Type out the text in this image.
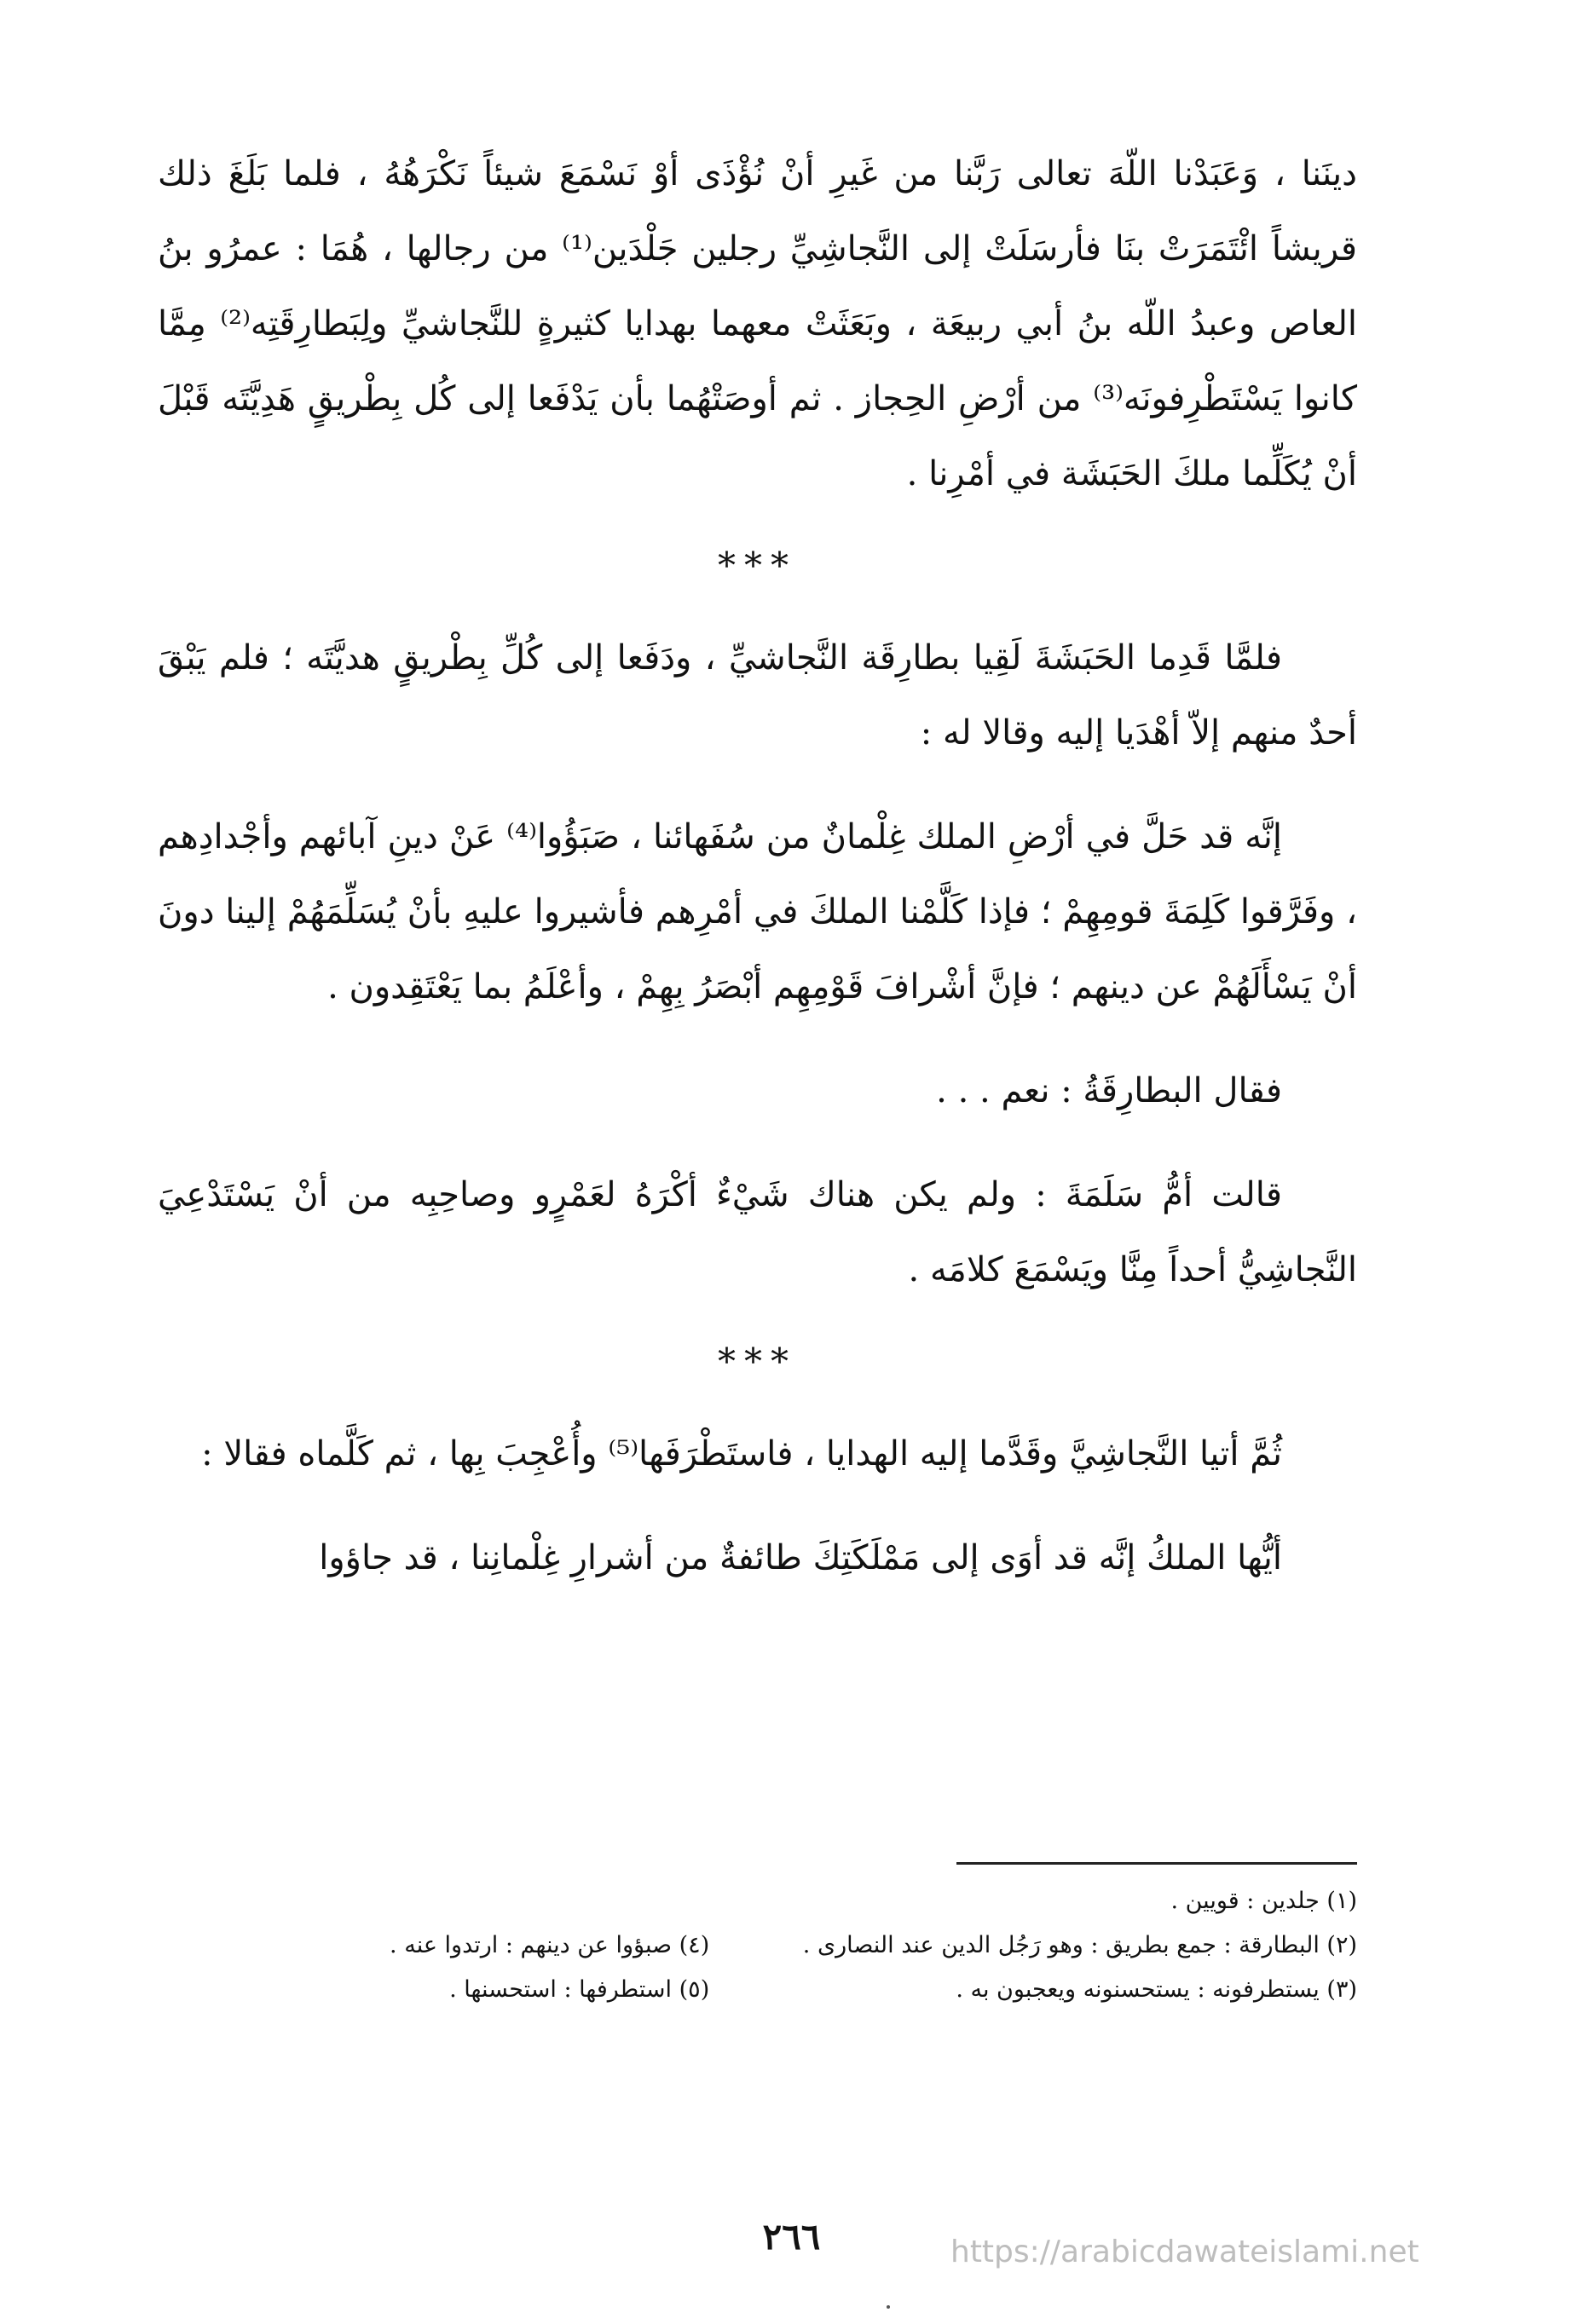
دينَنا ، وَعَبَدْنا اللّهَ تعالى رَبَّنا من غَيرِ أنْ نُؤْذَى أوْ نَسْمَعَ شيئاً نَكْرَهُهُ ، فلما بَلَغَ ذلك قريشاً ائْتَمَرَتْ بنَا فأرسَلَتْ إلى النَّجاشِيِّ رجلين جَلْدَين⁽¹⁾ من رجالها ، هُمَا : عمرُو بنُ العاص وعبدُ اللّه بنُ أبي ربيعَة ، وبَعَثَتْ معهما بهدايا كثيرةٍ للنَّجاشيِّ ولِبَطارِقَتِه⁽²⁾ مِمَّا كانوا يَسْتَطْرِفونَه⁽³⁾ من أرْضِ الحِجاز . ثم أوصَتْهُما بأن يَدْفَعا إلى كُل بِطْريقٍ هَدِيَّتَه قَبْلَ أنْ يُكَلِّما ملكَ الحَبَشَة في أمْرِنا .

***

فلمَّا قَدِما الحَبَشَةَ لَقِيا بطارِقَة النَّجاشيِّ ، ودَفَعا إلى كُلِّ بِطْريقٍ هديَّتَه ؛ فلم يَبْقَ أحدٌ منهم إلاّ أهْدَيا إليه وقالا له :

إنَّه قد حَلَّ في أرْضِ الملك غِلْمانٌ من سُفَهائنا ، صَبَؤُوا⁽⁴⁾ عَنْ دينِ آبائهم وأجْدادِهم ، وفَرَّقوا كَلِمَةَ قومِهِمْ ؛ فإذا كَلَّمْنا الملكَ في أمْرِهم فأشيروا عليهِ بأنْ يُسَلِّمَهُمْ إلينا دونَ أنْ يَسْأَلَهُمْ عن دينهم ؛ فإنَّ أشْرافَ قَوْمِهِم أبْصَرُ بِهِمْ ، وأعْلَمُ بما يَعْتَقِدون .

فقال البطارِقَةُ : نعم . . .

قالت أمُّ سَلَمَةَ : ولم يكن هناك شَيْءٌ أكْرَهُ لعَمْرٍو وصاحِبِه من أنْ يَسْتَدْعِيَ النَّجاشِيُّ أحداً مِنَّا ويَسْمَعَ كلامَه .

***

ثُمَّ أتيا النَّجاشِيَّ وقَدَّما إليه الهدايا ، فاستَطْرَفَها⁽⁵⁾ وأُعْجِبَ بِها ، ثم كَلَّماه فقالا :

أيُّها الملكُ إنَّه قد أوَى إلى مَمْلَكَتِكَ طائفةٌ من أشرارِ غِلْمانِنا ، قد جاؤوا

(١) جلدين : قويين .
(٢) البطارقة : جمع بطريق : وهو رَجُل الدين عند النصارى .
(٤) صبؤوا عن دينهم : ارتدوا عنه .
(٣) يستطرفونه : يستحسنونه ويعجبون به .
(٥) استطرفها : استحسنها .
٢٦٦	https://arabicdawateislami.net
